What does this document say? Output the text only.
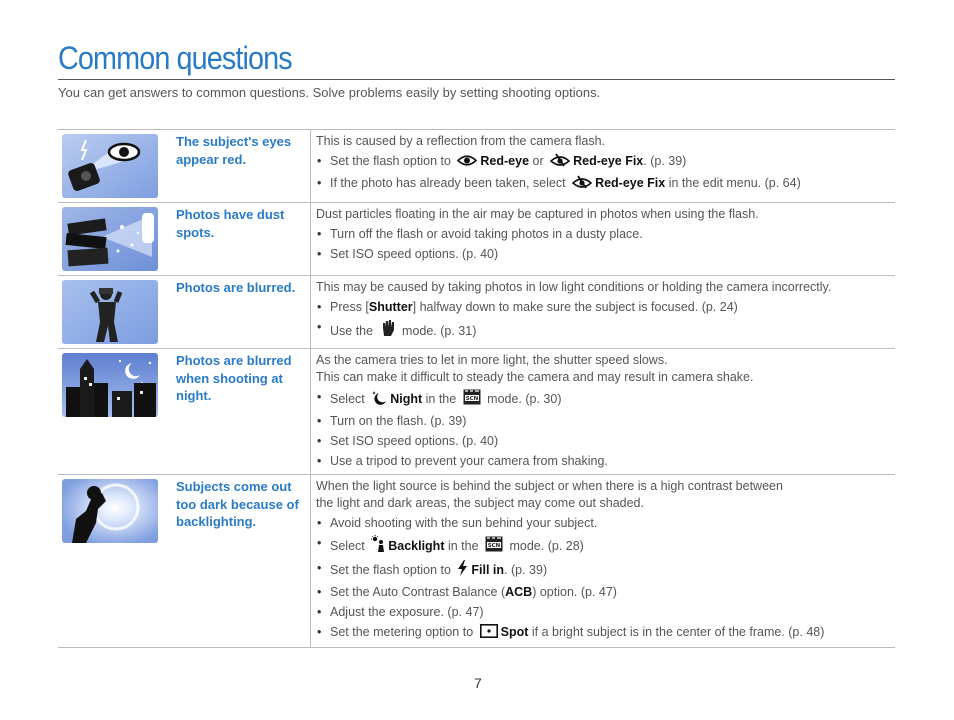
Common questions
You can get answers to common questions. Solve problems easily by setting shooting options.
The subject's eyes appear red.

This is caused by a reflection from the camera flash.

• Set the flash option to Red-eye or Red-eye Fix. (p. 39)
• If the photo has already been taken, select Red-eye Fix in the edit menu. (p. 64)
Photos have dust spots.

Dust particles floating in the air may be captured in photos when using the flash.

• Turn off the flash or avoid taking photos in a dusty place.
• Set ISO speed options. (p. 40)
Photos are blurred.	This may be caused by taking photos in low light conditions or holding the camera incorrectly.

• Press [Shutter] halfway down to make sure the subject is focused. (p. 24)
• Use the  mode. (p. 31)
Photos are blurred when shooting at night.

As the camera tries to let in more light, the shutter speed slows.

This can make it difficult to steady the camera and may result in camera shake.

• Select Night in the SCN mode. (p. 30)
• Turn on the flash. (p. 39)
• Set ISO speed options. (p. 40)
• Use a tripod to prevent your camera from shaking.
Subjects come out too dark because of backlighting.

When the light source is behind the subject or when there is a high contrast between

the light and dark areas, the subject may come out shaded.

• Avoid shooting with the sun behind your subject.
• Select Backlight in the SCN mode. (p. 28)
• Set the flash option to Fill in. (p. 39)
• Set the Auto Contrast Balance (ACB) option. (p. 47)
• Adjust the exposure. (p. 47)
• Set the metering option to Spot if a bright subject is in the center of the frame. (p. 48)
7
